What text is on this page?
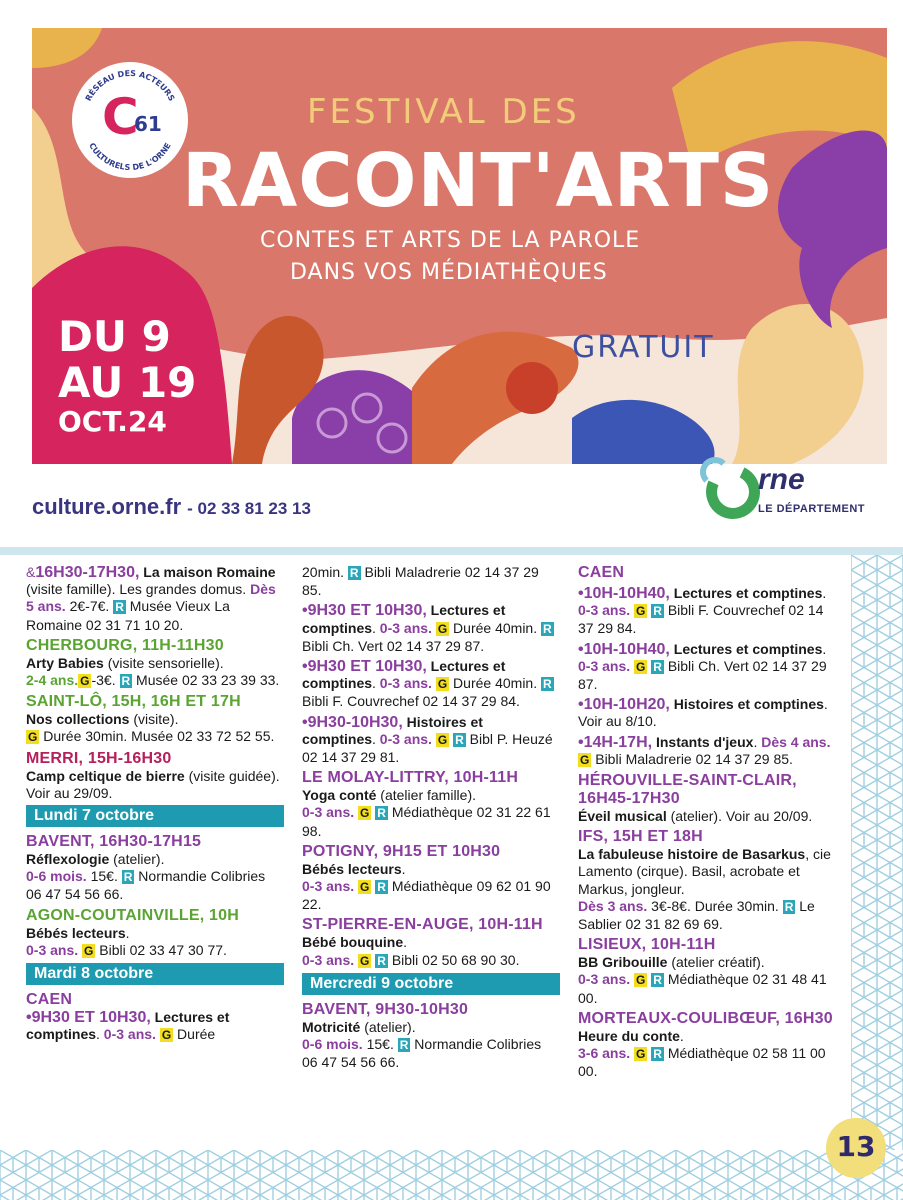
RÉSEAU DES ACTEURS
CULTURELS DE L'ORNE
C
61	FESTIVAL DES
RACONT'ARTS
CONTES ET ARTS DE LA PAROLE
DANS VOS MÉDIATHÈQUES
GRATUIT
DU 9
AU 19
OCT.24
culture.orne.fr - 02 33 81 23 13
rne
LE DÉPARTEMENT

&16H30-17H30, La maison Romaine (visite famille). Les grandes domus. Dès 5 ans. 2€-7€. R Musée Vieux La Romaine 02 31 71 10 20.

CHERBOURG, 11H-11H30

Arty Babies (visite sensorielle).

2-4 ans. G -3€. R Musée 02 33 23 39 33.

SAINT-LÔ, 15H, 16H ET 17H

Nos collections (visite).

G Durée 30min. Musée 02 33 72 52 55.

MERRI, 15H-16H30

Camp celtique de bierre (visite guidée). Voir au 29/09.

Lundi 7 octobre

BAVENT, 16H30-17H15

Réflexologie (atelier).

0-6 mois. 15€. R Normandie Colibries 06 47 54 56 66.

AGON-COUTAINVILLE, 10H

Bébés lecteurs.

0-3 ans. G Bibli 02 33 47 30 77.

Mardi 8 octobre

CAEN

•9H30 ET 10H30, Lectures et comptines. 0-3 ans. G Durée

20min. R Bibli Maladrerie 02 14 37 29 85.

•9H30 ET 10H30, Lectures et comptines. 0-3 ans. G Durée 40min. R Bibli Ch. Vert 02 14 37 29 87.

•9H30 ET 10H30, Lectures et comptines. 0-3 ans. G Durée 40min. R Bibli F. Couvrechef 02 14 37 29 84.

•9H30-10H30, Histoires et comptines. 0-3 ans. G R Bibl P. Heuzé 02 14 37 29 81.

LE MOLAY-LITTRY, 10H-11H

Yoga conté (atelier famille).

0-3 ans. G R Médiathèque 02 31 22 61 98.

POTIGNY, 9H15 ET 10H30

Bébés lecteurs.

0-3 ans. G R Médiathèque 09 62 01 90 22.

ST-PIERRE-EN-AUGE, 10H-11H

Bébé bouquine.

0-3 ans. G R Bibli 02 50 68 90 30.

Mercredi 9 octobre

BAVENT, 9H30-10H30

Motricité (atelier).

0-6 mois. 15€. R Normandie Colibries 06 47 54 56 66.

CAEN

•10H-10H40, Lectures et comptines. 0-3 ans. G R Bibli F. Couvrechef 02 14 37 29 84.

•10H-10H40, Lectures et comptines. 0-3 ans. G R Bibli Ch. Vert 02 14 37 29 87.

•10H-10H20, Histoires et comptines. Voir au 8/10.

•14H-17H, Instants d'jeux. Dès 4 ans. G Bibli Maladrerie 02 14 37 29 85.

HÉROUVILLE-SAINT-CLAIR, 16H45-17H30

Éveil musical (atelier). Voir au 20/09.

IFS, 15H ET 18H

La fabuleuse histoire de Basarkus, cie Lamento (cirque). Basil, acrobate et Markus, jongleur.

Dès 3 ans. 3€-8€. Durée 30min. R Le Sablier 02 31 82 69 69.

LISIEUX, 10H-11H

BB Gribouille (atelier créatif).

0-3 ans. G R Médiathèque 02 31 48 41 00.

MORTEAUX-COULIBŒUF, 16H30

Heure du conte.

3-6 ans. G R Médiathèque 02 58 11 00 00.

13
